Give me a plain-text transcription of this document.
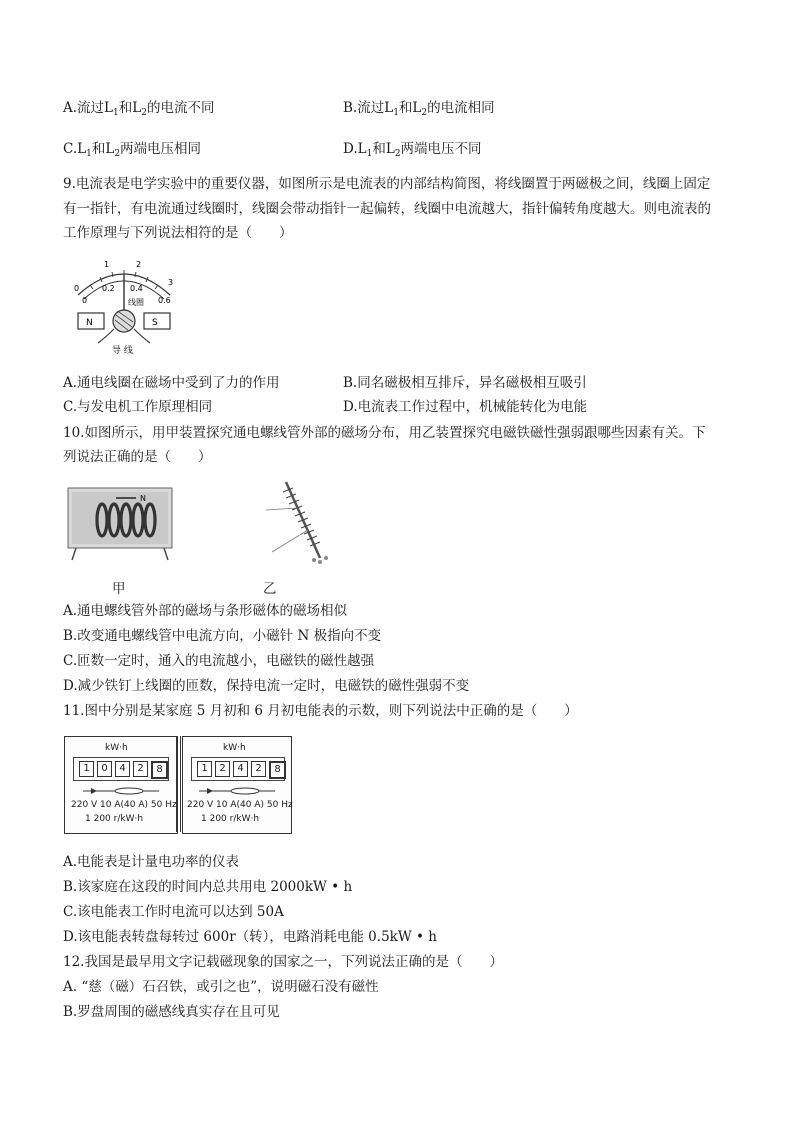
A.流过$L_1$和$L_2$的电流不同	B.流过$L_1$和$L_2$的电流相同
$C.L_1$和$L_2$两端电压相同	$D.L_1$和$L_2$两端电压不同
9.电流表是电学实验中的重要仪器，如图所示是电流表的内部结构简图，将线圈置于两磁极之间，线圈上固定
有一指针，有电流通过线圈时，线圈会带动指针一起偏转，线圈中电流越大，指针偏转角度越大。则电流表的
工作原理与下列说法相符的是（　　）
0
1	2
3
0
0.2 0.4
0.6
线圈
N	S
导 线
A.通电线圈在磁场中受到了力的作用	B.同名磁极相互排斥，异名磁极相互吸引
C.与发电机工作原理相同	D.电流表工作过程中，机械能转化为电能
10.如图所示，用甲装置探究通电螺线管外部的磁场分布，用乙装置探究电磁铁磁性强弱跟哪些因素有关。下
列说法正确的是（　　）
N
甲	乙
A.通电螺线管外部的磁场与条形磁体的磁场相似
B.改变通电螺线管中电流方向，小磁针 N 极指向不变
C.匝数一定时，通入的电流越小，电磁铁的磁性越强
D.减少铁钉上线圈的匝数，保持电流一定时，电磁铁的磁性强弱不变
11.图中分别是某家庭 5 月初和 6 月初电能表的示数，则下列说法中正确的是（　　）
kW·h
1	0	4	2	8
220 V 10 A(40 A) 50 Hz
1 200 r/kW·h
kW·h
1	2	4	2	8
220 V 10 A(40 A) 50 Hz
1 200 r/kW·h
A.电能表是计量电功率的仪表
B.该家庭在这段的时间内总共用电 2000kW • h
C.该电能表工作时电流可以达到 50A
D.该电能表转盘每转过 600r（转），电路消耗电能 0.5kW • h
12.我国是最早用文字记载磁现象的国家之一，下列说法正确的是（　　）
A. “慈（磁）石召铁，或引之也”，说明磁石没有磁性
B.罗盘周围的磁感线真实存在且可见
